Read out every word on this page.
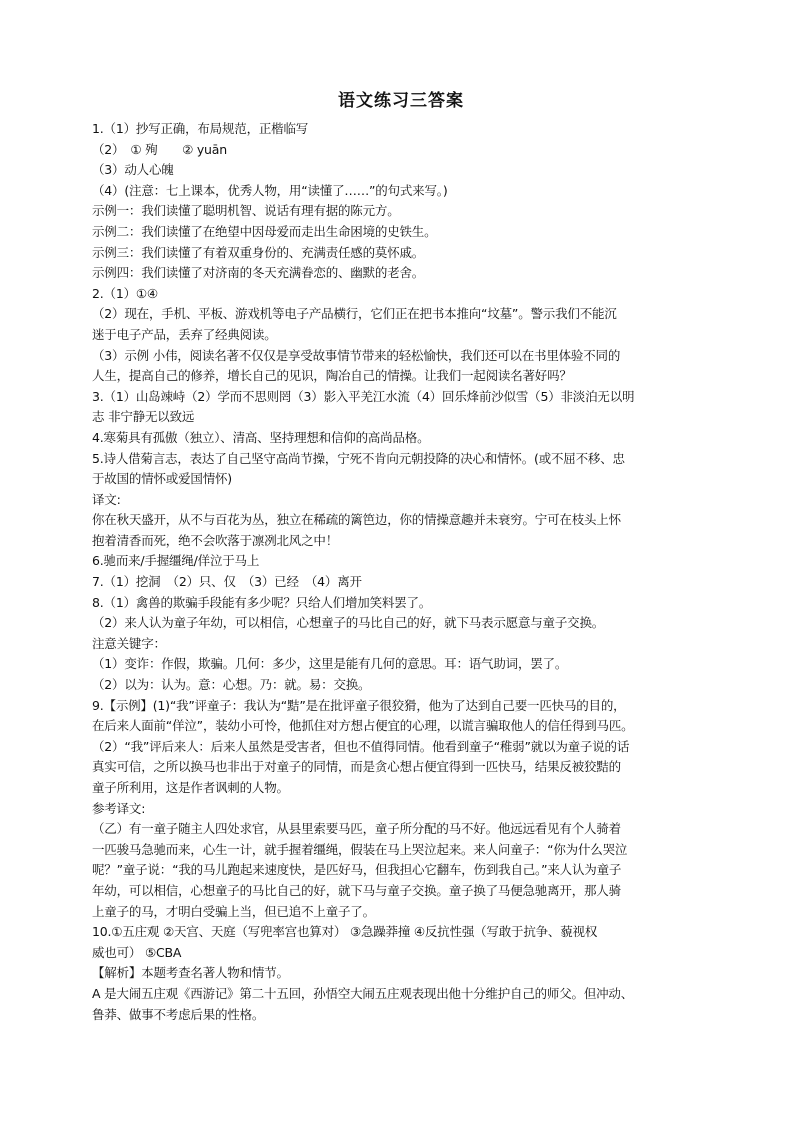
语文练习三答案
1.（1）抄写正确，布局规范，正楷临写
（2）　① 殉　　② yuān
（3）动人心魄
（4）(注意：七上课本，优秀人物，用“读懂了……”的句式来写。)
示例一：我们读懂了聪明机智、说话有理有据的陈元方。
示例二：我们读懂了在绝望中因母爱而走出生命困境的史铁生。
示例三：我们读懂了有着双重身份的、充满责任感的莫怀戚。
示例四：我们读懂了对济南的冬天充满眷恋的、幽默的老舍。
2.（1）①④
（2）现在，手机、平板、游戏机等电子产品横行，它们正在把书本推向“坟墓”。警示我们不能沉
迷于电子产品，丢弃了经典阅读。
（3）示例 小伟，阅读名著不仅仅是享受故事情节带来的轻松愉快，我们还可以在书里体验不同的
人生，提高自己的修养，增长自己的见识，陶冶自己的情操。让我们一起阅读名著好吗？
3.（1）山岛竦峙（2）学而不思则罔（3）影入平羌江水流（4）回乐烽前沙似雪（5）非淡泊无以明
志 非宁静无以致远
4.寒菊具有孤傲（独立）、清高、坚持理想和信仰的高尚品格。
5.诗人借菊言志，表达了自己坚守高尚节操，宁死不肯向元朝投降的决心和情怀。(或不屈不移、忠
于故国的情怀或爱国情怀)
译文:
你在秋天盛开，从不与百花为丛，独立在稀疏的篱笆边，你的情操意趣并未衰穷。宁可在枝头上怀
抱着清香而死，绝不会吹落于凛冽北风之中！
6.驰而来/手握缰绳/佯泣于马上
7.（1）挖洞　（2）只、仅　（3）已经　（4）离开
8.（1）禽兽的欺骗手段能有多少呢？只给人们增加笑料罢了。
（2）来人认为童子年幼，可以相信，心想童子的马比自己的好，就下马表示愿意与童子交换。
注意关键字：
（1）变诈：作假，欺骗。几何：多少，这里是能有几何的意思。耳：语气助词，罢了。
（2）以为：认为。意：心想。乃：就。易：交换。
9.【示例】(1)“我”评童子：我认为“黠”是在批评童子很狡猾，他为了达到自己要一匹快马的目的，
在后来人面前“佯泣”，装幼小可怜，他抓住对方想占便宜的心理，以谎言骗取他人的信任得到马匹。
（2）“我”评后来人：后来人虽然是受害者，但也不值得同情。他看到童子“稚弱”就以为童子说的话
真实可信，之所以换马也非出于对童子的同情，而是贪心想占便宜得到一匹快马，结果反被狡黠的
童子所利用，这是作者讽刺的人物。
参考译文:
（乙）有一童子随主人四处求官，从县里索要马匹，童子所分配的马不好。他远远看见有个人骑着
一匹骏马急驰而来，心生一计，就手握着缰绳，假装在马上哭泣起来。来人问童子：“你为什么哭泣
呢？”童子说：“我的马儿跑起来速度快，是匹好马，但我担心它翻车，伤到我自己。”来人认为童子
年幼，可以相信，心想童子的马比自己的好，就下马与童子交换。童子换了马便急驰离开，那人骑
上童子的马，才明白受骗上当，但已追不上童子了。
10.①五庄观 ②天宫、天庭（写兜率宫也算对） ③急躁莽撞 ④反抗性强（写敢于抗争、藐视权
威也可） ⑤CBA
【解析】本题考查名著人物和情节。
A 是大闹五庄观《西游记》第二十五回，孙悟空大闹五庄观表现出他十分维护自己的师父。但冲动、
鲁莽、做事不考虑后果的性格。
